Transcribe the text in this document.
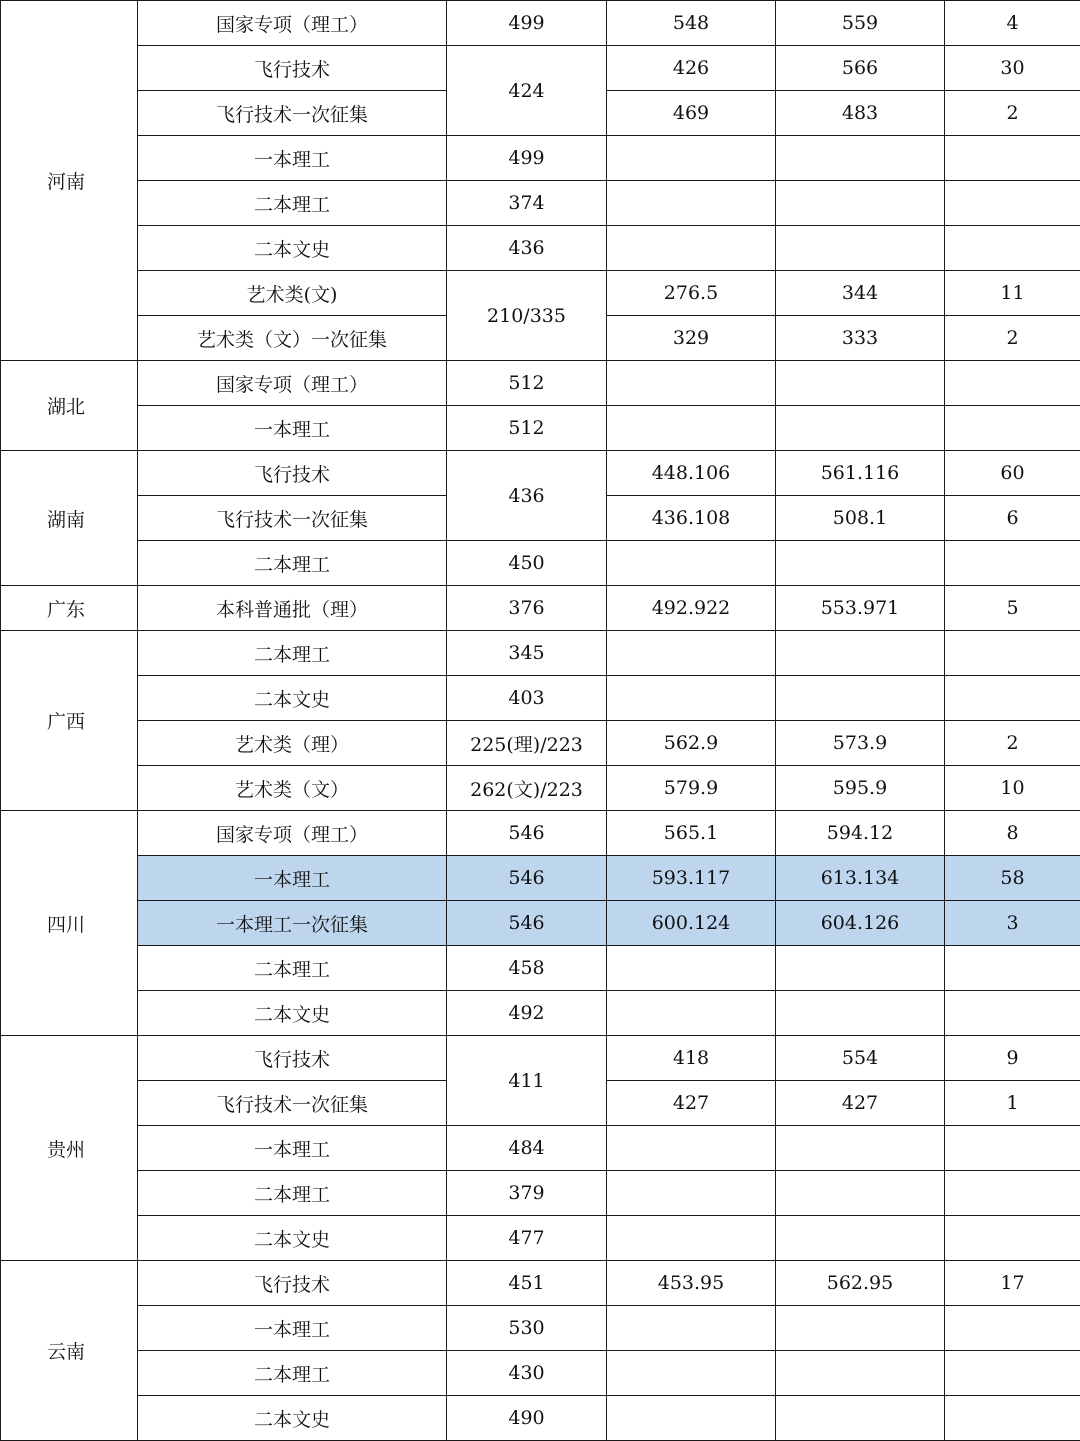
河南	国家专项（理工）	499	548	559	4
	飞行技术	424	426	566	30
	飞行技术一次征集		469	483	2
	一本理工	499			
	二本理工	374			
	二本文史	436			
	艺术类(文)	210/335	276.5	344	11
	艺术类（文）一次征集		329	333	2
湖北	国家专项（理工）	512			
	一本理工	512			
湖南	飞行技术	436	448.106	561.116	60
	飞行技术一次征集		436.108	508.1	6
	二本理工	450			
广东	本科普通批（理）	376	492.922	553.971	5
广西	二本理工	345			
	二本文史	403			
	艺术类（理）	225(理)/223	562.9	573.9	2
	艺术类（文）	262(文)/223	579.9	595.9	10
四川	国家专项（理工）	546	565.1	594.12	8
	一本理工	546	593.117	613.134	58
	一本理工一次征集	546	600.124	604.126	3
	二本理工	458			
	二本文史	492			
贵州	飞行技术	411	418	554	9
	飞行技术一次征集		427	427	1
	一本理工	484			
	二本理工	379			
	二本文史	477			
云南	飞行技术	451	453.95	562.95	17
	一本理工	530			
	二本理工	430			
	二本文史	490			
